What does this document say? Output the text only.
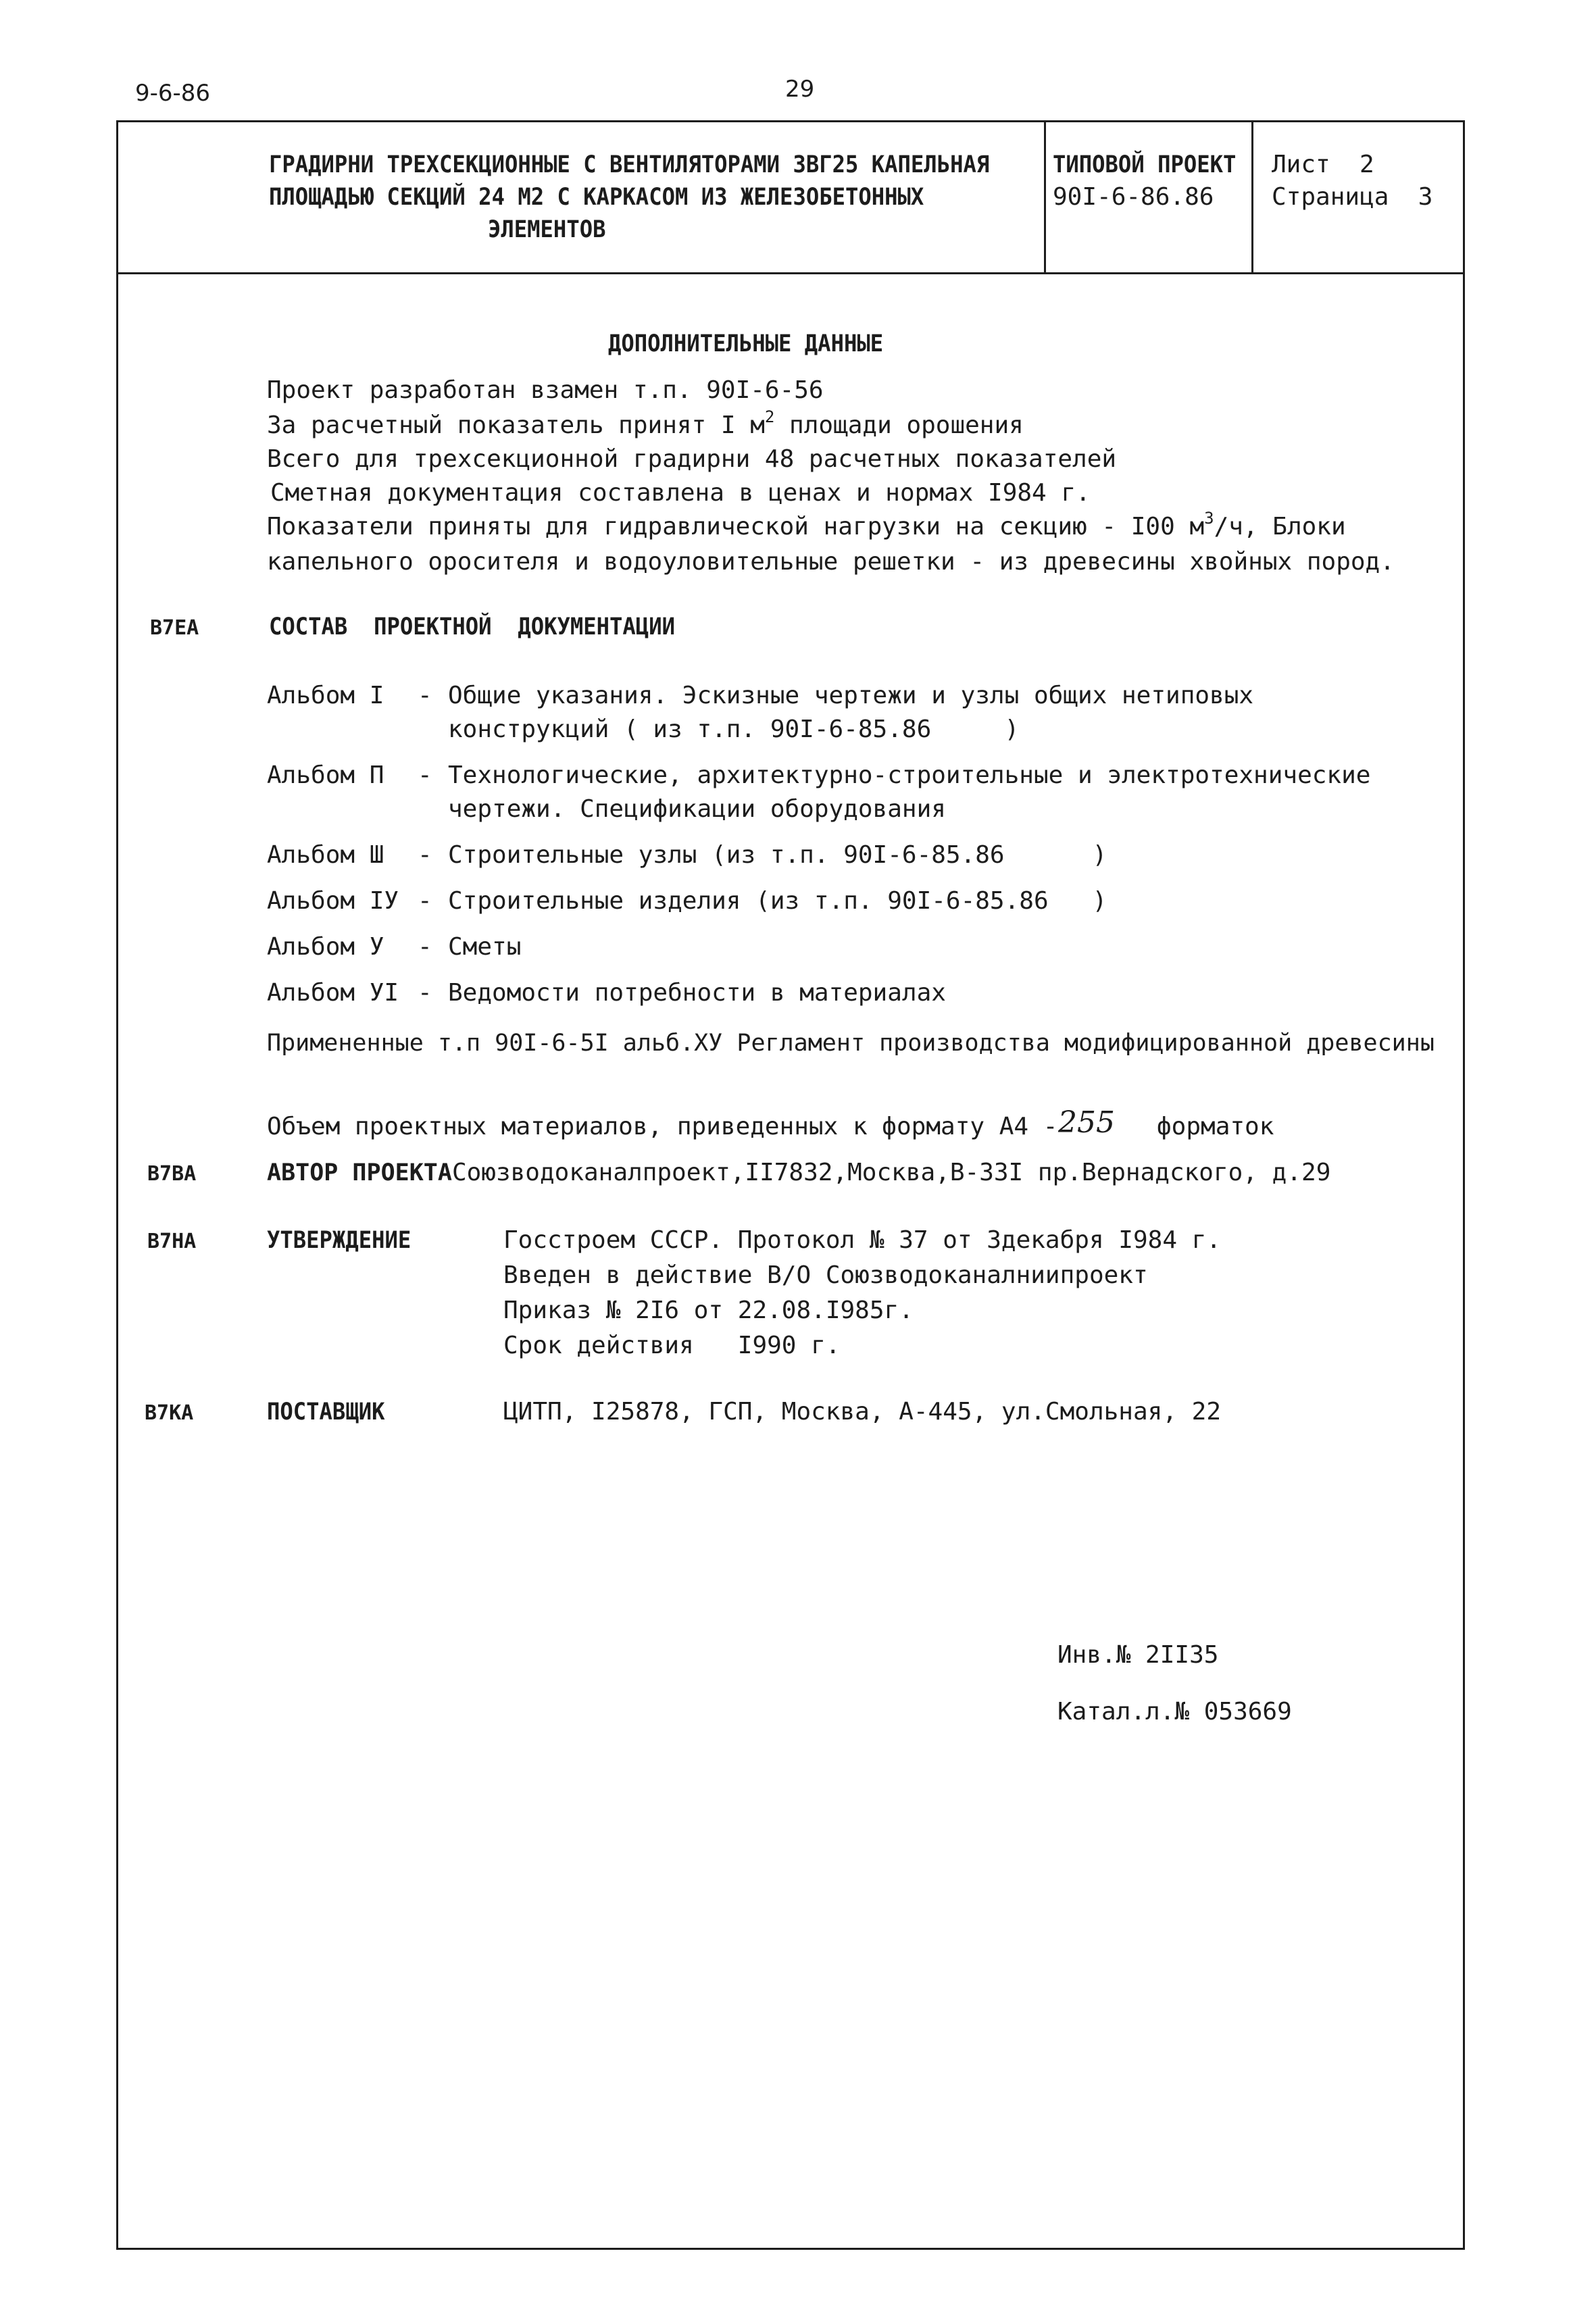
9-6-86	29
ГРАДИРНИ ТРЕХСЕКЦИОННЫЕ С ВЕНТИЛЯТОРАМИ ЗВГ25 КАПЕЛЬНАЯ
ПЛОЩАДЬЮ СЕКЦИЙ 24 М2 С КАРКАСОМ ИЗ ЖЕЛЕЗОБЕТОННЫХ
ЭЛЕМЕНТОВ
ТИПОВОЙ ПРОЕКТ
90I-6-86.86
Лист  2
Страница  3
ДОПОЛНИТЕЛЬНЫЕ ДАННЫЕ
Проект разработан взамен т.п. 90I-6-56
За расчетный показатель принят I $м^2$ площади орошения
Всего для трехсекционной градирни 48 расчетных показателей
Сметная документация составлена в ценах и нормах I984 г.
Показатели приняты для гидравлической нагрузки на секцию - I00 $м^3/ч$, Блоки
капельного оросителя и водоуловительные решетки - из древесины хвойных пород.
В7ЕА	СОСТАВ  ПРОЕКТНОЙ  ДОКУМЕНТАЦИИ
Альбом I - Общие указания. Эскизные чертежи и узлы общих нетиповых
конструкций ( из т.п. 90I-6-85.86     )
Альбом П - Технологические, архитектурно-строительные и электротехнические
чертежи. Спецификации оборудования
Альбом Ш - Строительные узлы (из т.п. 90I-6-85.86      )
Альбом IУ - Строительные изделия (из т.п. 90I-6-85.86   )
Альбом У - Сметы
Альбом УI - Ведомости потребности в материалах
Примененные т.п 90I-6-5I альб.ХУ Регламент производства модифицированной древесины
Объем проектных материалов, приведенных к формату А4 - 255 форматок
В7ВА	АВТОР ПРОЕКТАСоюзводоканалпроект,II7832,Москва,В-33I пр.Вернадского, д.29
В7НА	УТВЕРЖДЕНИЕ	Госстроем СССР. Протокол № 37 от 3декабря I984 г.
Введен в действие В/О Союзводоканалниипроект
Приказ № 2I6 от 22.08.I985г.
Срок действия   I990 г.
В7КА	ПОСТАВЩИК	ЦИТП, I25878, ГСП, Москва, А-445, ул.Смольная, 22
Инв.№ 2II35
Катал.л.№ 053669
